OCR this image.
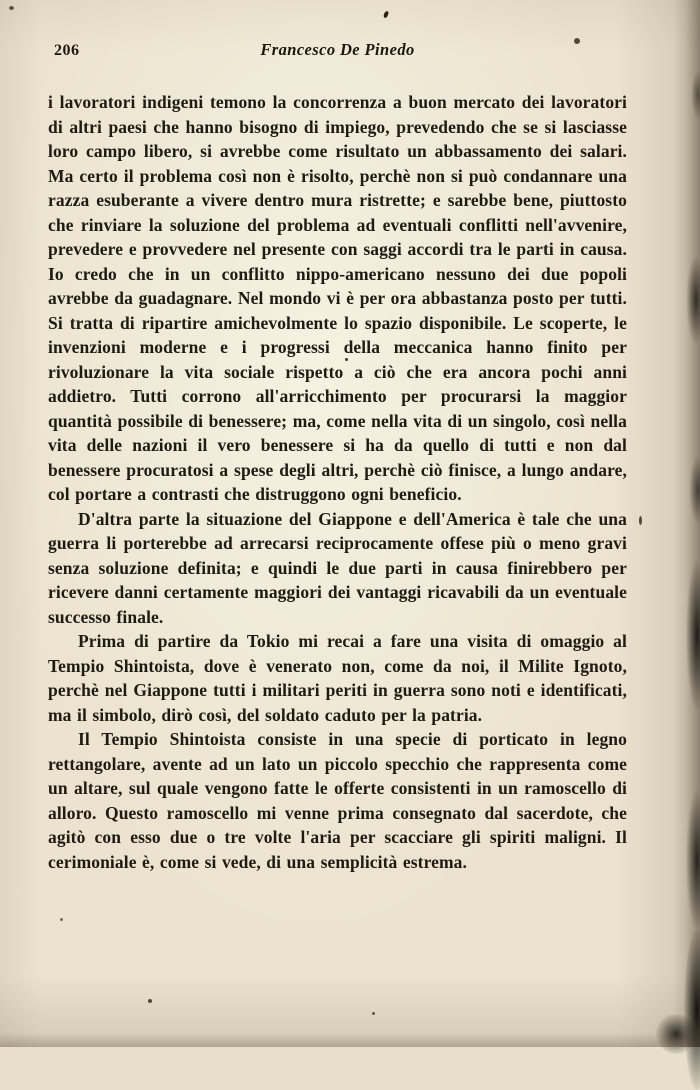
206	Francesco De Pinedo

i lavoratori indigeni temono la concorrenza a buon mercato dei lavoratori di altri paesi che hanno bisogno di impiego, prevedendo che se si lasciasse loro campo libero, si avrebbe come risultato un abbassamento dei salari. Ma certo il problema così non è risolto, perchè non si può condannare una razza esuberante a vivere dentro mura ristrette; e sarebbe bene, piuttosto che rinviare la soluzione del problema ad eventuali conflitti nell'avvenire, prevedere e provvedere nel presente con saggi accordi tra le parti in causa. Io credo che in un conflitto nippo-americano nessuno dei due popoli avrebbe da guadagnare. Nel mondo vi è per ora abbastanza posto per tutti. Si tratta di ripartire amichevolmente lo spazio disponibile. Le scoperte, le invenzioni moderne e i progressi della meccanica hanno finito per rivoluzionare la vita sociale rispetto a ciò che era ancora pochi anni addietro. Tutti corrono all'arricchimento per procurarsi la maggior quantità possibile di benessere; ma, come nella vita di un singolo, così nella vita delle nazioni il vero benessere si ha da quello di tutti e non dal benessere procuratosi a spese degli altri, perchè ciò finisce, a lungo andare, col portare a contrasti che distruggono ogni beneficio.

D'altra parte la situazione del Giappone e dell'America è tale che una guerra li porterebbe ad arrecarsi reciprocamente offese più o meno gravi senza soluzione definita; e quindi le due parti in causa finirebbero per ricevere danni certamente maggiori dei vantaggi ricavabili da un eventuale successo finale.

Prima di partire da Tokio mi recai a fare una visita di omaggio al Tempio Shintoista, dove è venerato non, come da noi, il Milite Ignoto, perchè nel Giappone tutti i militari periti in guerra sono noti e identificati, ma il simbolo, dirò così, del soldato caduto per la patria.

Il Tempio Shintoista consiste in una specie di porticato in legno rettangolare, avente ad un lato un piccolo specchio che rappresenta come un altare, sul quale vengono fatte le offerte consistenti in un ramoscello di alloro. Questo ramoscello mi venne prima consegnato dal sacerdote, che agitò con esso due o tre volte l'aria per scacciare gli spiriti maligni. Il cerimoniale è, come si vede, di una semplicità estrema.
